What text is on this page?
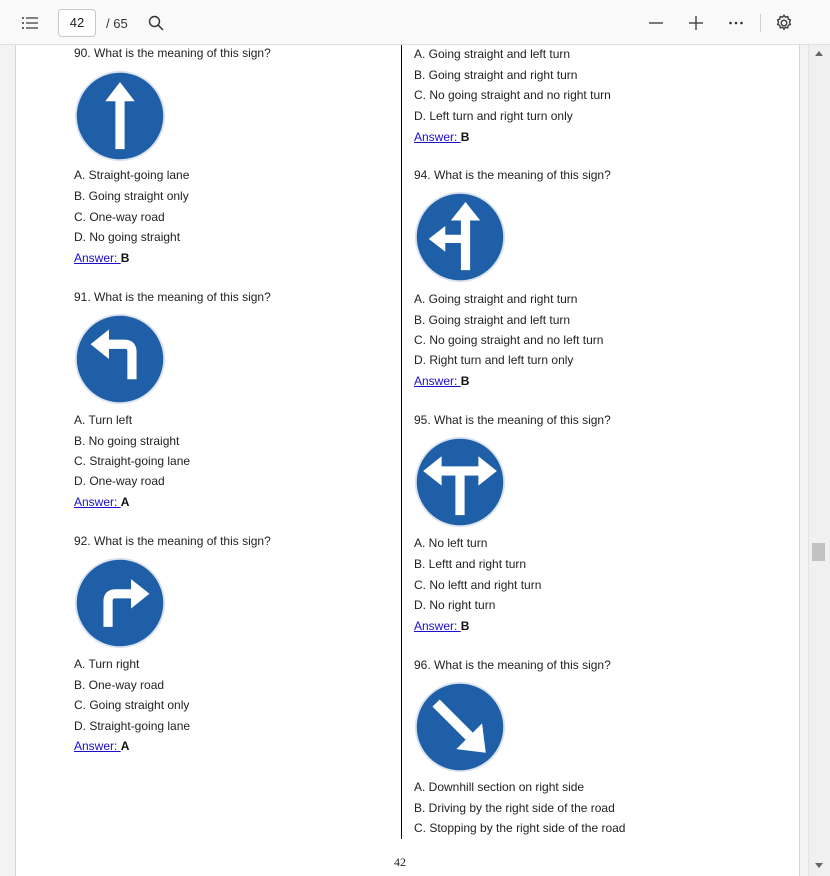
42	/ 65
90. What is the meaning of this sign?
A. Straight-going lane
B. Going straight only
C. One-way road
D. No going straight
Answer: B
91. What is the meaning of this sign?
A. Turn left
B. No going straight
C. Straight-going lane
D. One-way road
Answer: A
92. What is the meaning of this sign?
A. Turn right
B. One-way road
C. Going straight only
D. Straight-going lane
Answer: A
A. Going straight and left turn
B. Going straight and right turn
C. No going straight and no right turn
D. Left turn and right turn only
Answer: B
94. What is the meaning of this sign?
A. Going straight and right turn
B. Going straight and left turn
C. No going straight and no left turn
D. Right turn and left turn only
Answer: B
95. What is the meaning of this sign?
A. No left turn
B. Leftt and right turn
C. No leftt and right turn
D. No right turn
Answer: B
96. What is the meaning of this sign?
A. Downhill section on right side
B. Driving by the right side of the road
C. Stopping by the right side of the road
42
